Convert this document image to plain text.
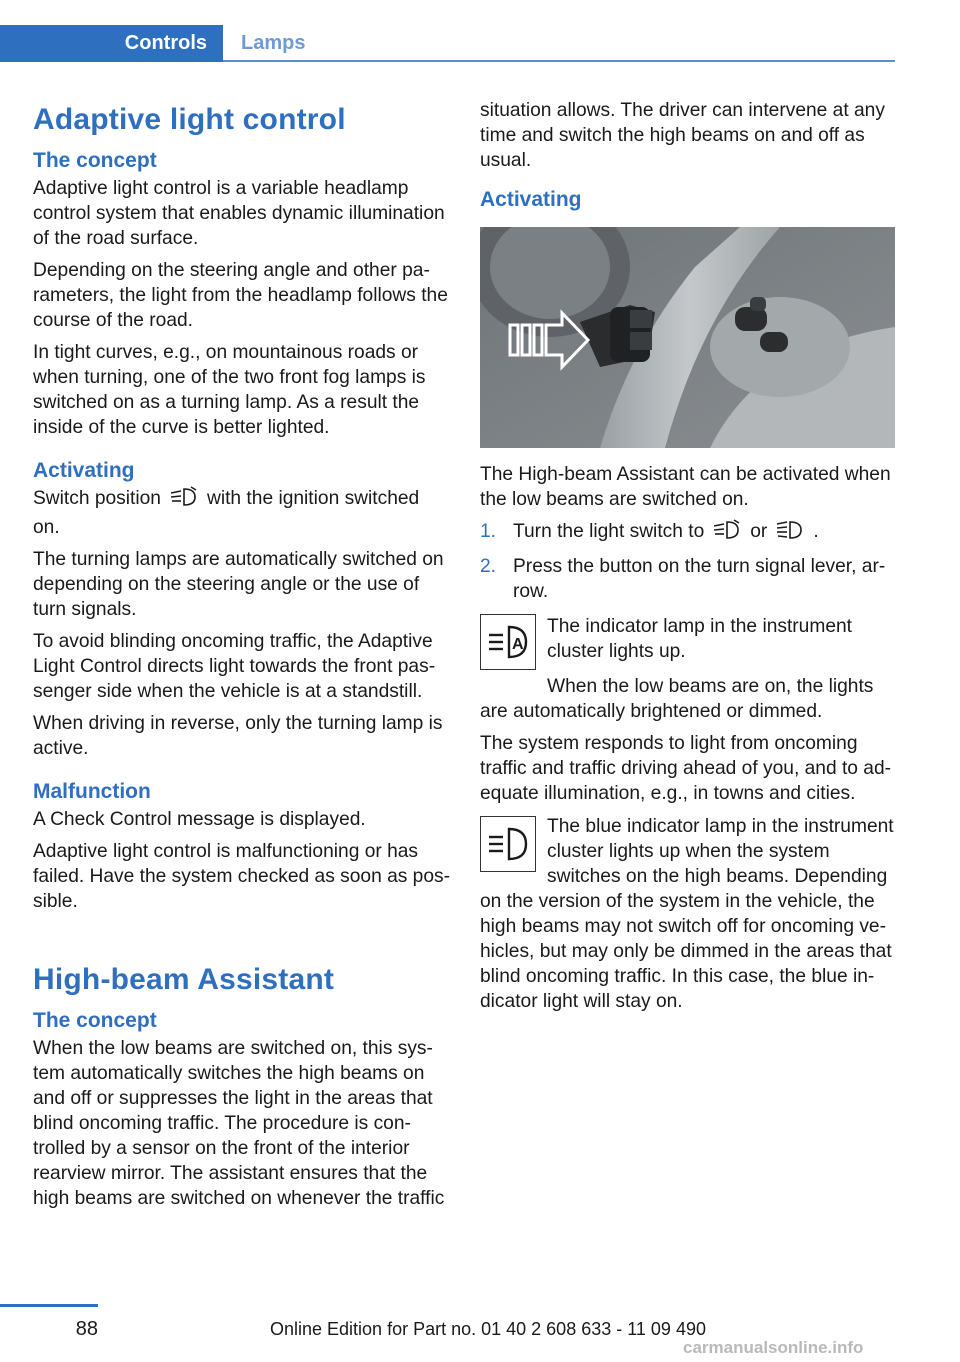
Controls	Lamps
Adaptive light control
The concept

Adaptive light control is a variable headlamp control system that enables dynamic illumination of the road surface.

Depending on the steering angle and other parameters, the light from the headlamp follows the course of the road.

In tight curves, e.g., on mountainous roads or when turning, one of the two front fog lamps is switched on as a turning lamp. As a result the inside of the curve is better lighted.

Activating

Switch position with the ignition switched on.

The turning lamps are automatically switched on depending on the steering angle or the use of turn signals.

To avoid blinding oncoming traffic, the Adaptive Light Control directs light towards the front passenger side when the vehicle is at a standstill.

When driving in reverse, only the turning lamp is active.

Malfunction

A Check Control message is displayed.

Adaptive light control is malfunctioning or has failed. Have the system checked as soon as possible.

High-beam Assistant
The concept

When the low beams are switched on, this system automatically switches the high beams on and off or suppresses the light in the areas that blind oncoming traffic. The procedure is controlled by a sensor on the front of the interior rearview mirror. The assistant ensures that the high beams are switched on whenever the traffic

situation allows. The driver can intervene at any time and switch the high beams on and off as usual.

Activating

The High-beam Assistant can be activated when the low beams are switched on.

1. Turn the light switch to or .
2. Press the button on the turn signal lever, arrow.
A
The indicator lamp in the instrument cluster lights up.

When the low beams are on, the lights are automatically brightened or dimmed.

The system responds to light from oncoming traffic and traffic driving ahead of you, and to adequate illumination, e.g., in towns and cities.

The blue indicator lamp in the instrument cluster lights up when the system switches on the high beams. Depending on the version of the system in the vehicle, the high beams may not switch off for oncoming vehicles, but may only be dimmed in the areas that blind oncoming traffic. In this case, the blue indicator light will stay on.
88	Online Edition for Part no. 01 40 2 608 633 - 11 09 490
carmanualsonline.info
